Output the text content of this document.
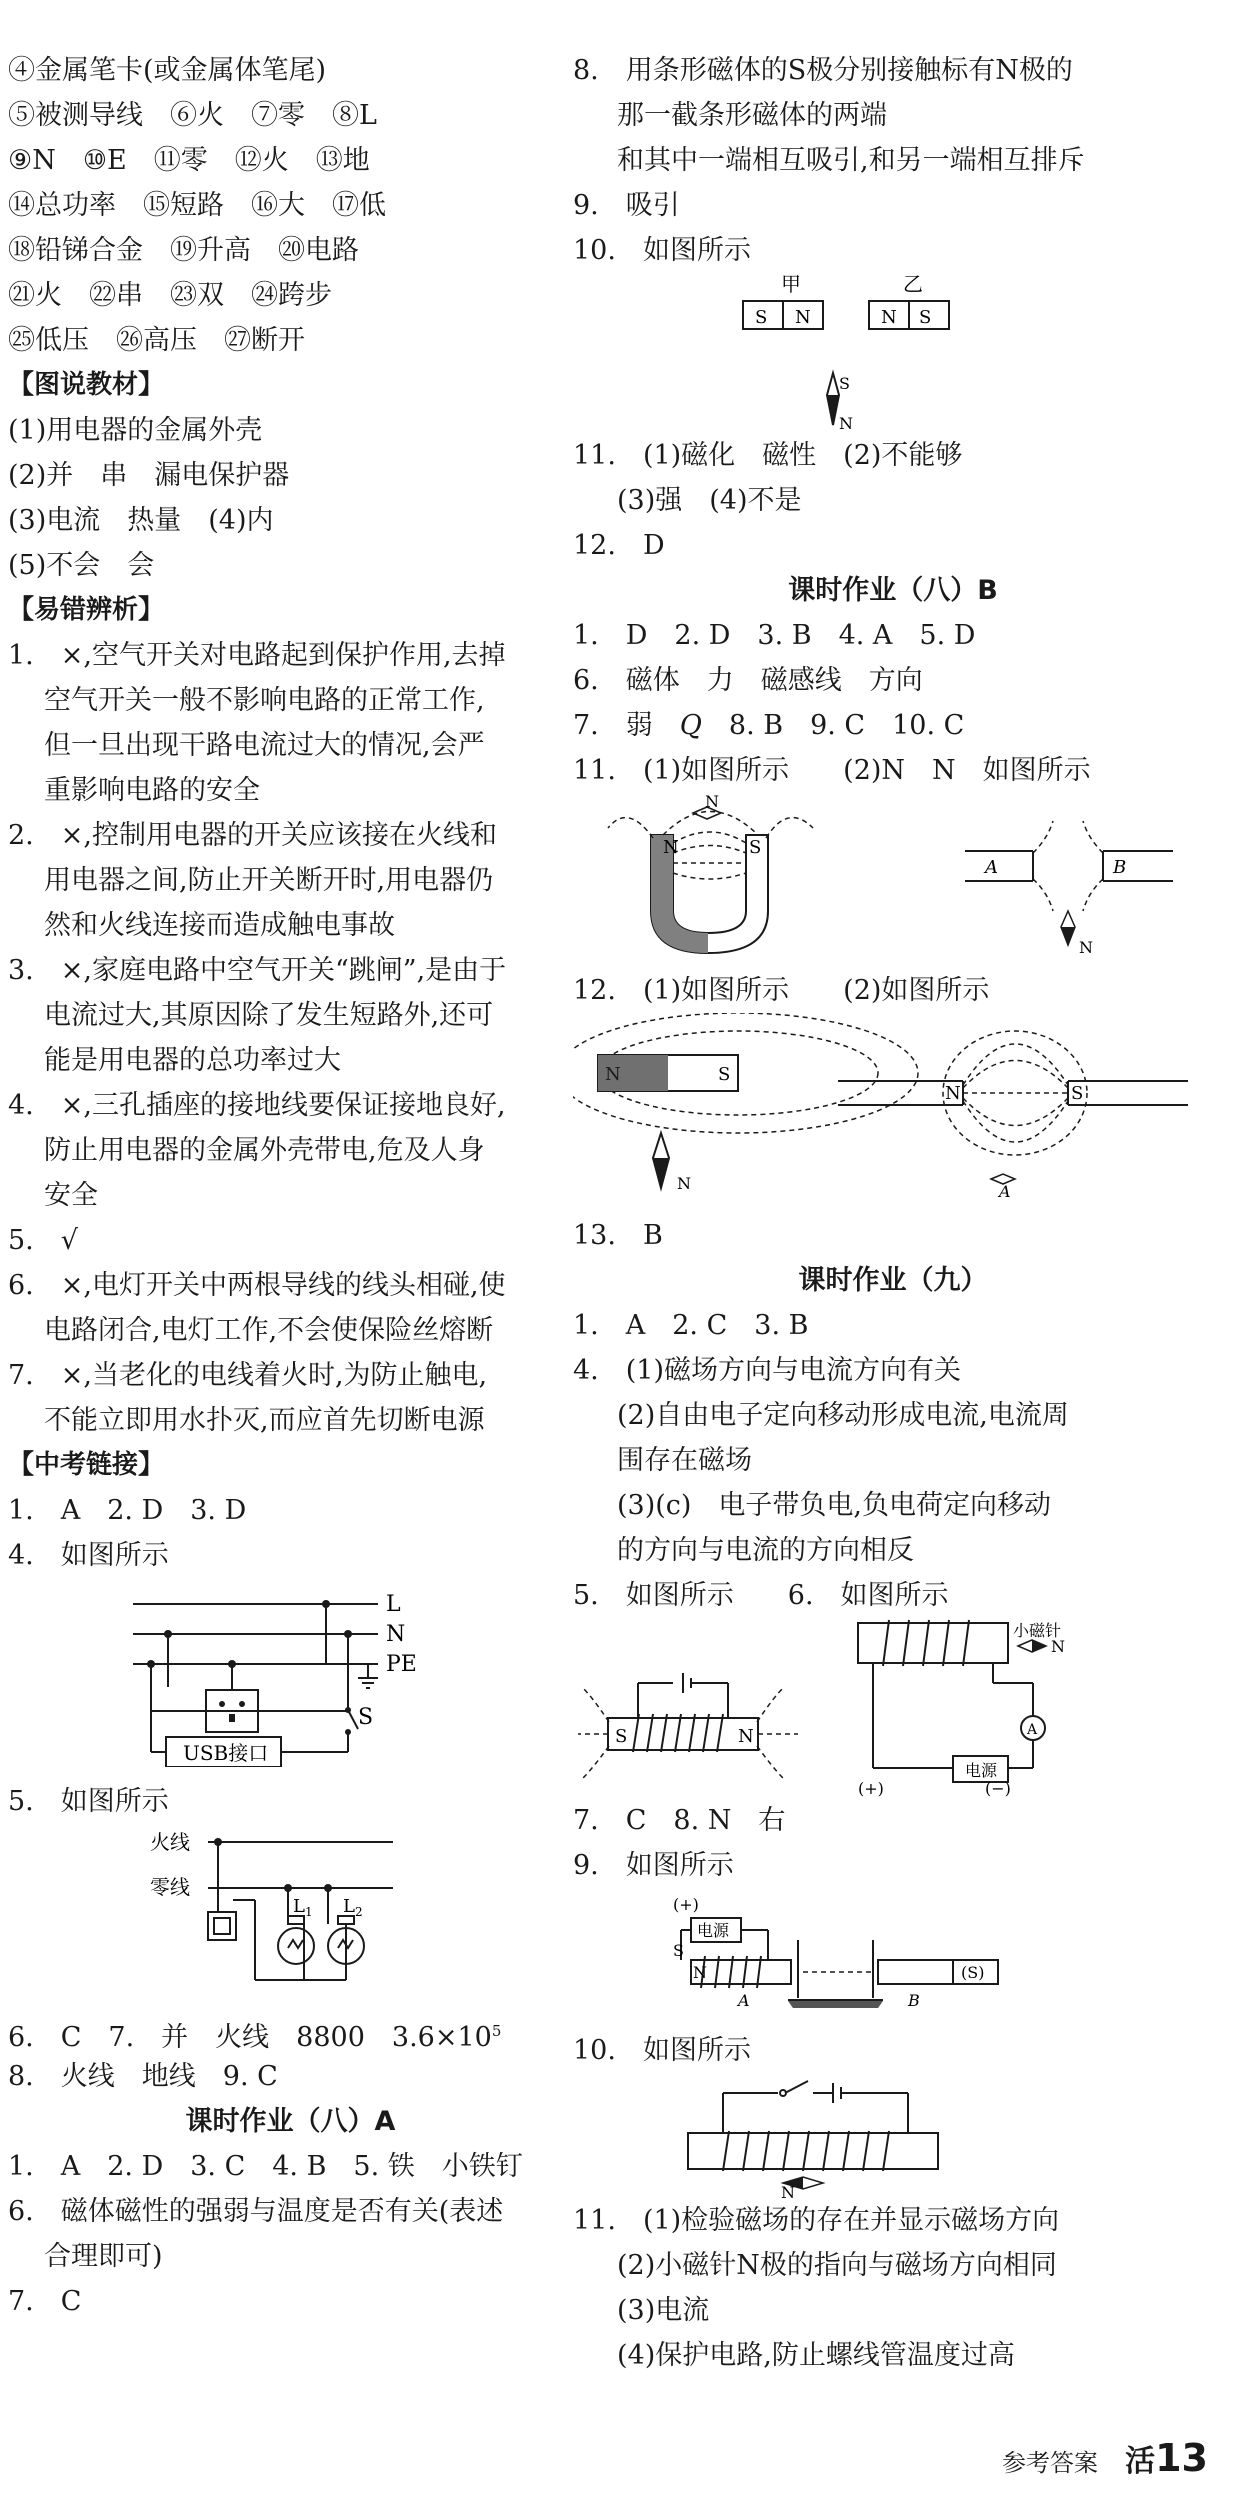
④金属笔卡(或金属体笔尾)
⑤被测导线　⑥火　⑦零　⑧L
⑨N　⑩E　⑪零　⑫火　⑬地
⑭总功率　⑮短路　⑯大　⑰低
⑱铅锑合金　⑲升高　⑳电路
㉑火　㉒串　㉓双　㉔跨步
㉕低压　㉖高压　㉗断开
【图说教材】
(1)用电器的金属外壳
(2)并　串　漏电保护器
(3)电流　热量　(4)内
(5)不会　会
【易错辨析】
1.　×,空气开关对电路起到保护作用,去掉
空气开关一般不影响电路的正常工作,
但一旦出现干路电流过大的情况,会严
重影响电路的安全
2.　×,控制用电器的开关应该接在火线和
用电器之间,防止开关断开时,用电器仍
然和火线连接而造成触电事故
3.　×,家庭电路中空气开关“跳闸”,是由于
电流过大,其原因除了发生短路外,还可
能是用电器的总功率过大
4.　×,三孔插座的接地线要保证接地良好,
防止用电器的金属外壳带电,危及人身
安全
5.　√
6.　×,电灯开关中两根导线的线头相碰,使
电路闭合,电灯工作,不会使保险丝熔断
7.　×,当老化的电线着火时,为防止触电,
不能立即用水扑灭,而应首先切断电源
【中考链接】
1.　A　2. D　3. D
4.　如图所示
L
N
PE
S
USB接口
5.　如图所示
火线
零线
$L_1$ $L_2$
6.　C　7.　并　火线　8800　$3.6\times 10^5$
8.　火线　地线　9. C
课时作业（八）A
1.　A　2. D　3. C　4. B　5. 铁　小铁钉
6.　磁体磁性的强弱与温度是否有关(表述
合理即可)
7.　C
8.　用条形磁体的S极分别接触标有N极的
那一截条形磁体的两端
和其中一端相互吸引,和另一端相互排斥
9.　吸引
10.　如图所示
甲	乙
S N	N S
S
N
11.　(1)磁化　磁性　(2)不能够
(3)强　(4)不是
12.　D
课时作业（八）B
1.　D　2. D　3. B　4. A　5. D
6.　磁体　力　磁感线　方向
7.　弱　Q　8. B　9. C　10. C
11.　(1)如图所示　　(2)N　N　如图所示
N	S
N
A	B
N
12.　(1)如图所示　　(2)如图所示
N	S
N
N	S
A
13.　B
课时作业（九）
1.　A　2. C　3. B
4.　(1)磁场方向与电流方向有关
(2)自由电子定向移动形成电流,电流周
围存在磁场
(3)(c)　电子带负电,负电荷定向移动
的方向与电流的方向相反
5.　如图所示　　6.　如图所示
S	N
电源
A
小磁针
N
(+)	(−)
7.　C　8. N　右
9.　如图所示
(+)
电源
S
N
A	B
(S)
10.　如图所示
N
11.　(1)检验磁场的存在并显示磁场方向
(2)小磁针N极的指向与磁场方向相同
(3)电流
(4)保护电路,防止螺线管温度过高
参考答案 活13
